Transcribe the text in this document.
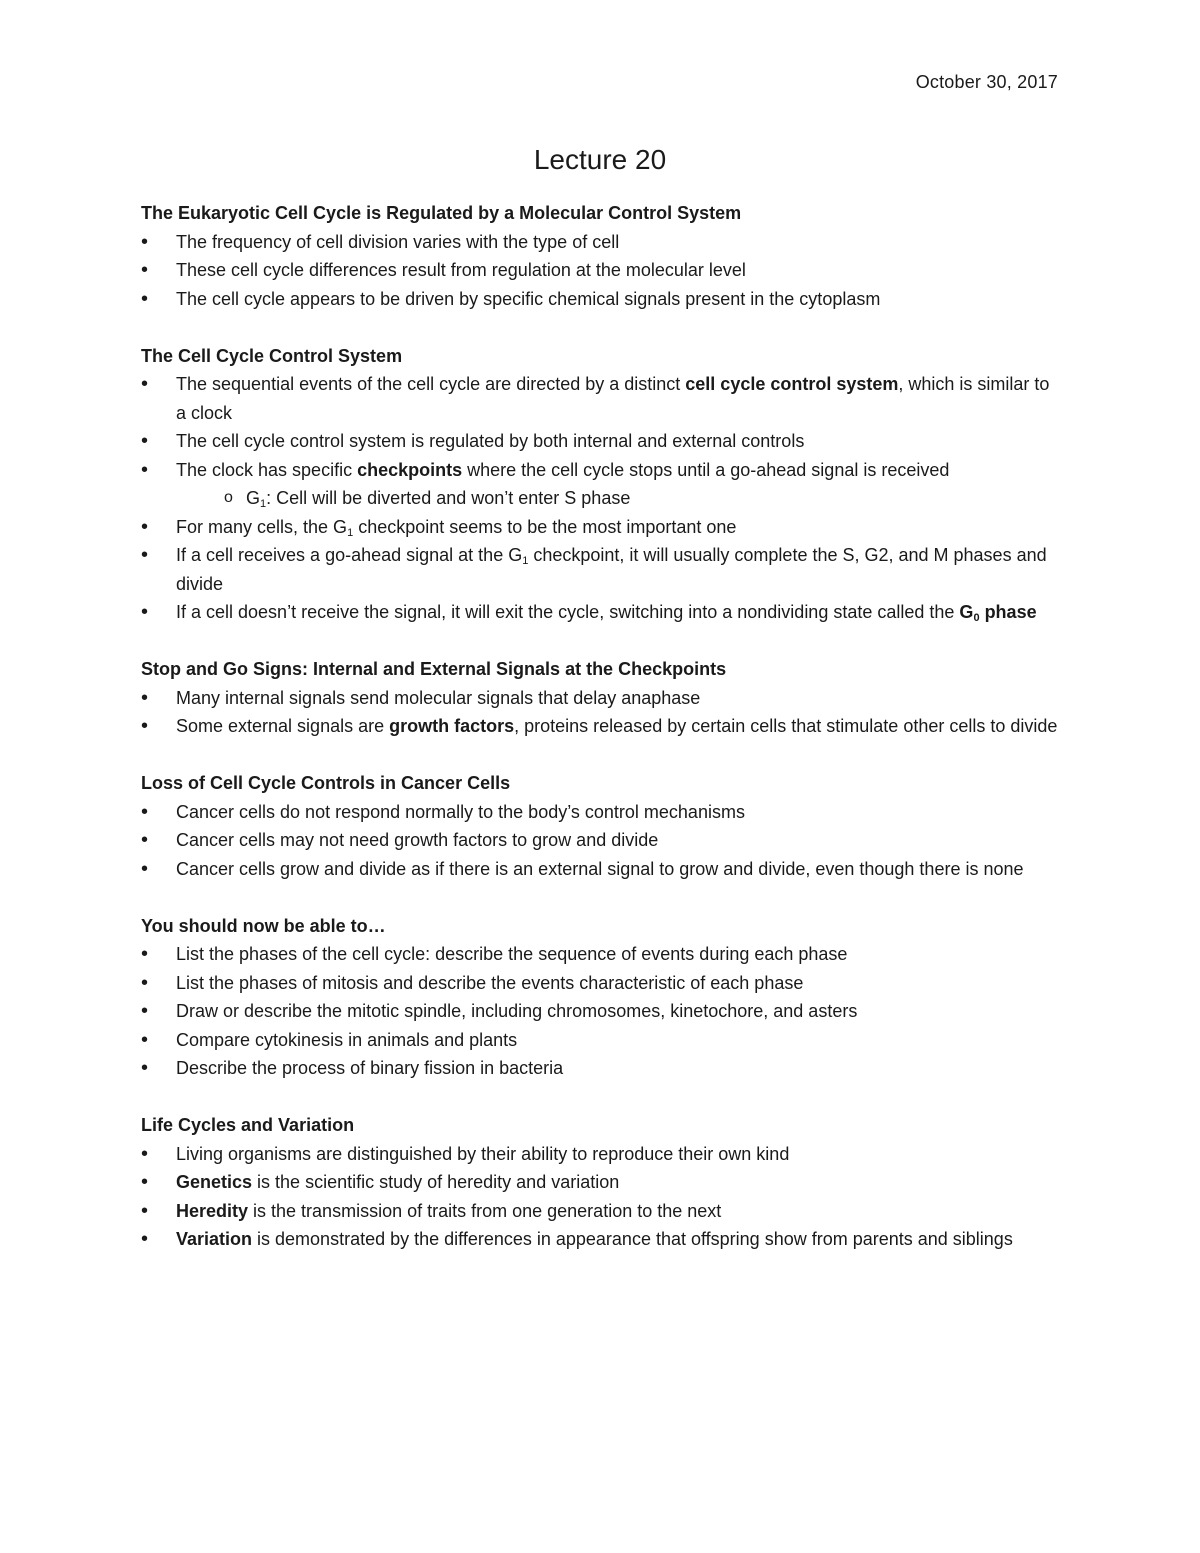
October 30, 2017
Lecture 20
The Eukaryotic Cell Cycle is Regulated by a Molecular Control System
• The frequency of cell division varies with the type of cell
• These cell cycle differences result from regulation at the molecular level
• The cell cycle appears to be driven by specific chemical signals present in the cytoplasm
The Cell Cycle Control System
• The sequential events of the cell cycle are directed by a distinct cell cycle control system, which is similar to a clock
• The cell cycle control system is regulated by both internal and external controls
• The clock has specific checkpoints where the cell cycle stops until a go-ahead signal is received
o $G_1$: Cell will be diverted and won’t enter S phase
• For many cells, the $G_1$ checkpoint seems to be the most important one
• If a cell receives a go-ahead signal at the $G_1$ checkpoint, it will usually complete the S, G2, and M phases and divide
• If a cell doesn’t receive the signal, it will exit the cycle, switching into a nondividing state called the $G_0$ phase
Stop and Go Signs: Internal and External Signals at the Checkpoints
• Many internal signals send molecular signals that delay anaphase
• Some external signals are growth factors, proteins released by certain cells that stimulate other cells to divide
Loss of Cell Cycle Controls in Cancer Cells
• Cancer cells do not respond normally to the body’s control mechanisms
• Cancer cells may not need growth factors to grow and divide
• Cancer cells grow and divide as if there is an external signal to grow and divide, even though there is none
You should now be able to…
• List the phases of the cell cycle: describe the sequence of events during each phase
• List the phases of mitosis and describe the events characteristic of each phase
• Draw or describe the mitotic spindle, including chromosomes, kinetochore, and asters
• Compare cytokinesis in animals and plants
• Describe the process of binary fission in bacteria
Life Cycles and Variation
• Living organisms are distinguished by their ability to reproduce their own kind
• Genetics is the scientific study of heredity and variation
• Heredity is the transmission of traits from one generation to the next
• Variation is demonstrated by the differences in appearance that offspring show from parents and siblings
